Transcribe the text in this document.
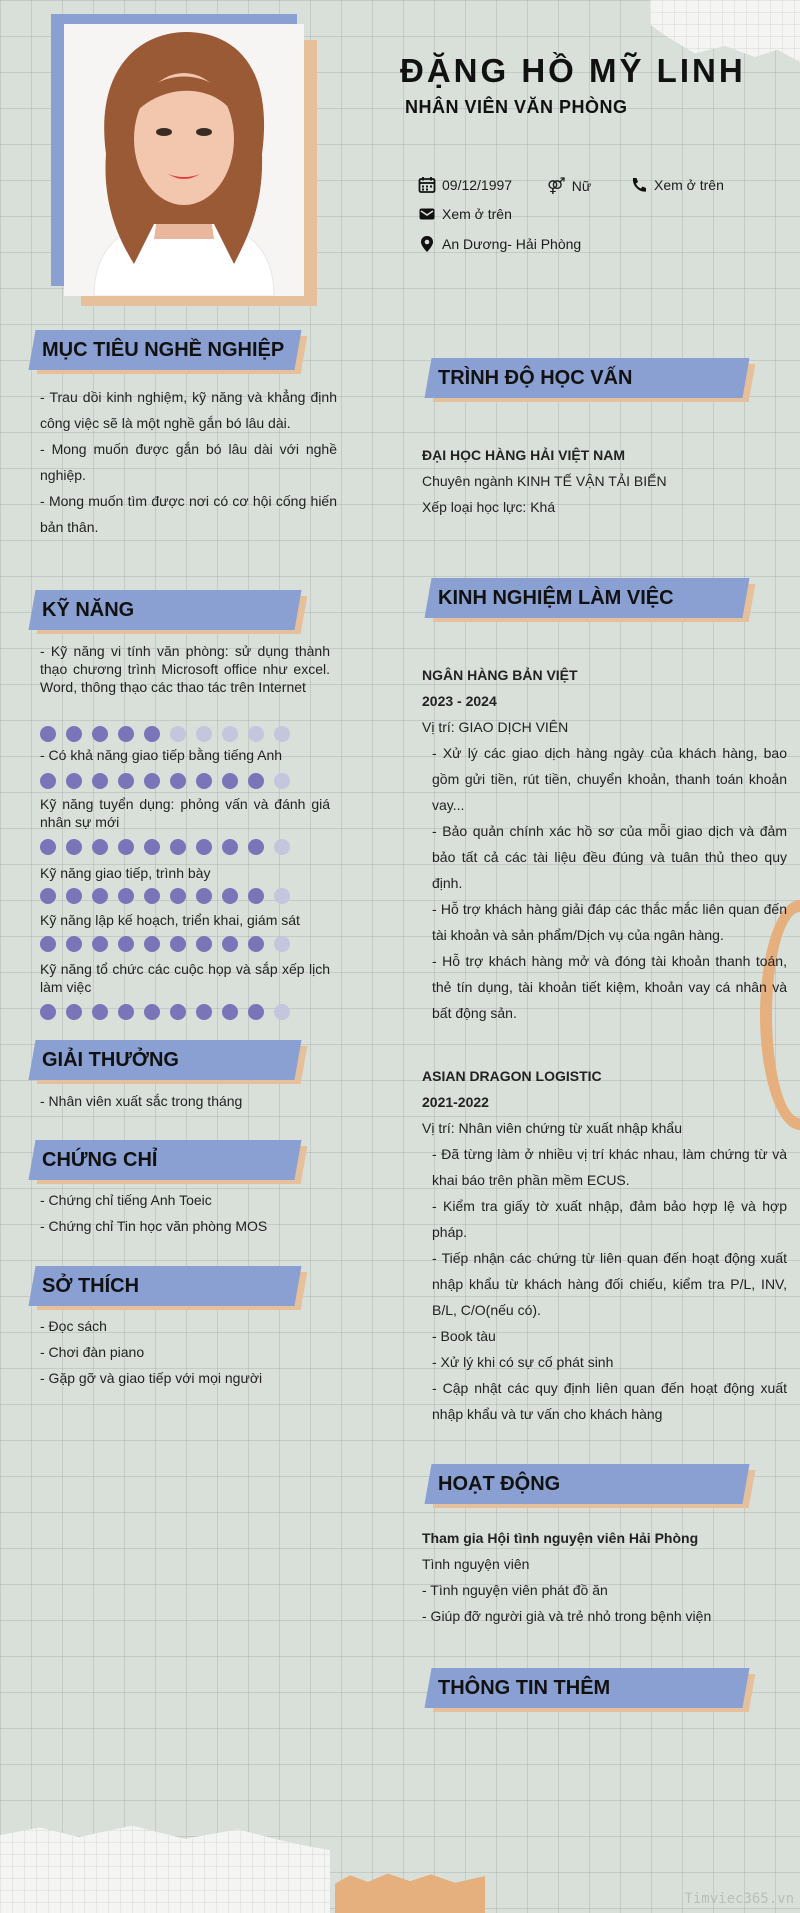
ĐẶNG HỒ MỸ LINH
NHÂN VIÊN VĂN PHÒNG
09/12/1997 ⚤ Nữ	Xem ở trên
Xem ở trên
An Dương- Hải Phòng
MỤC TIÊU NGHỀ NGHIỆP
- Trau dồi kinh nghiệm, kỹ năng và khẳng định công việc sẽ là một nghề gắn bó lâu dài.
- Mong muốn được gắn bó lâu dài với nghề nghiệp.
- Mong muốn tìm được nơi có cơ hội cống hiến bản thân.
KỸ NĂNG
- Kỹ năng vi tính văn phòng: sử dụng thành thạo chương trình Microsoft office như excel. Word, thông thạo các thao tác trên Internet
- Có khả năng giao tiếp bằng tiếng Anh
Kỹ năng tuyển dụng: phỏng vấn và đánh giá nhân sự mới
Kỹ năng giao tiếp, trình bày
Kỹ năng lập kế hoạch, triển khai, giám sát
Kỹ năng tổ chức các cuộc họp và sắp xếp lịch làm việc
GIẢI THƯỞNG
- Nhân viên xuất sắc trong tháng
CHỨNG CHỈ
- Chứng chỉ tiếng Anh Toeic
- Chứng chỉ Tin học văn phòng MOS
SỞ THÍCH
- Đọc sách
- Chơi đàn piano
- Gặp gỡ và giao tiếp với mọi người
TRÌNH ĐỘ HỌC VẤN
ĐẠI HỌC HÀNG HẢI VIỆT NAM
Chuyên ngành KINH TẾ VẬN TẢI BIỂN
Xếp loại học lực: Khá
KINH NGHIỆM LÀM VIỆC
NGÂN HÀNG BẢN VIỆT
2023 - 2024
Vị trí: GIAO DỊCH VIÊN
- Xử lý các giao dịch hàng ngày của khách hàng, bao gồm gửi tiền, rút tiền, chuyển khoản, thanh toán khoản vay...
- Bảo quản chính xác hồ sơ của mỗi giao dịch và đảm bảo tất cả các tài liệu đều đúng và tuân thủ theo quy định.
- Hỗ trợ khách hàng giải đáp các thắc mắc liên quan đến tài khoản và sản phẩm/Dịch vụ của ngân hàng.
- Hỗ trợ khách hàng mở và đóng tài khoản thanh toán, thẻ tín dụng, tài khoản tiết kiệm, khoản vay cá nhân và bất động sản.
ASIAN DRAGON LOGISTIC
2021-2022
Vị trí: Nhân viên chứng từ xuất nhập khẩu
- Đã từng làm ở nhiều vị trí khác nhau, làm chứng từ và khai báo trên phần mềm ECUS.
- Kiểm tra giấy tờ xuất nhập, đảm bảo hợp lệ và hợp pháp.
- Tiếp nhận các chứng từ liên quan đến hoạt động xuất nhập khẩu từ khách hàng đối chiếu, kiểm tra P/L, INV, B/L, C/O(nếu có).
- Book tàu
- Xử lý khi có sự cố phát sinh
- Cập nhật các quy định liên quan đến hoạt động xuất nhập khẩu và tư vấn cho khách hàng
HOẠT ĐỘNG
Tham gia Hội tình nguyện viên Hải Phòng
Tình nguyện viên
- Tình nguyện viên phát đồ ăn
- Giúp đỡ người già và trẻ nhỏ trong bệnh viện
THÔNG TIN THÊM
Timviec365.vn
